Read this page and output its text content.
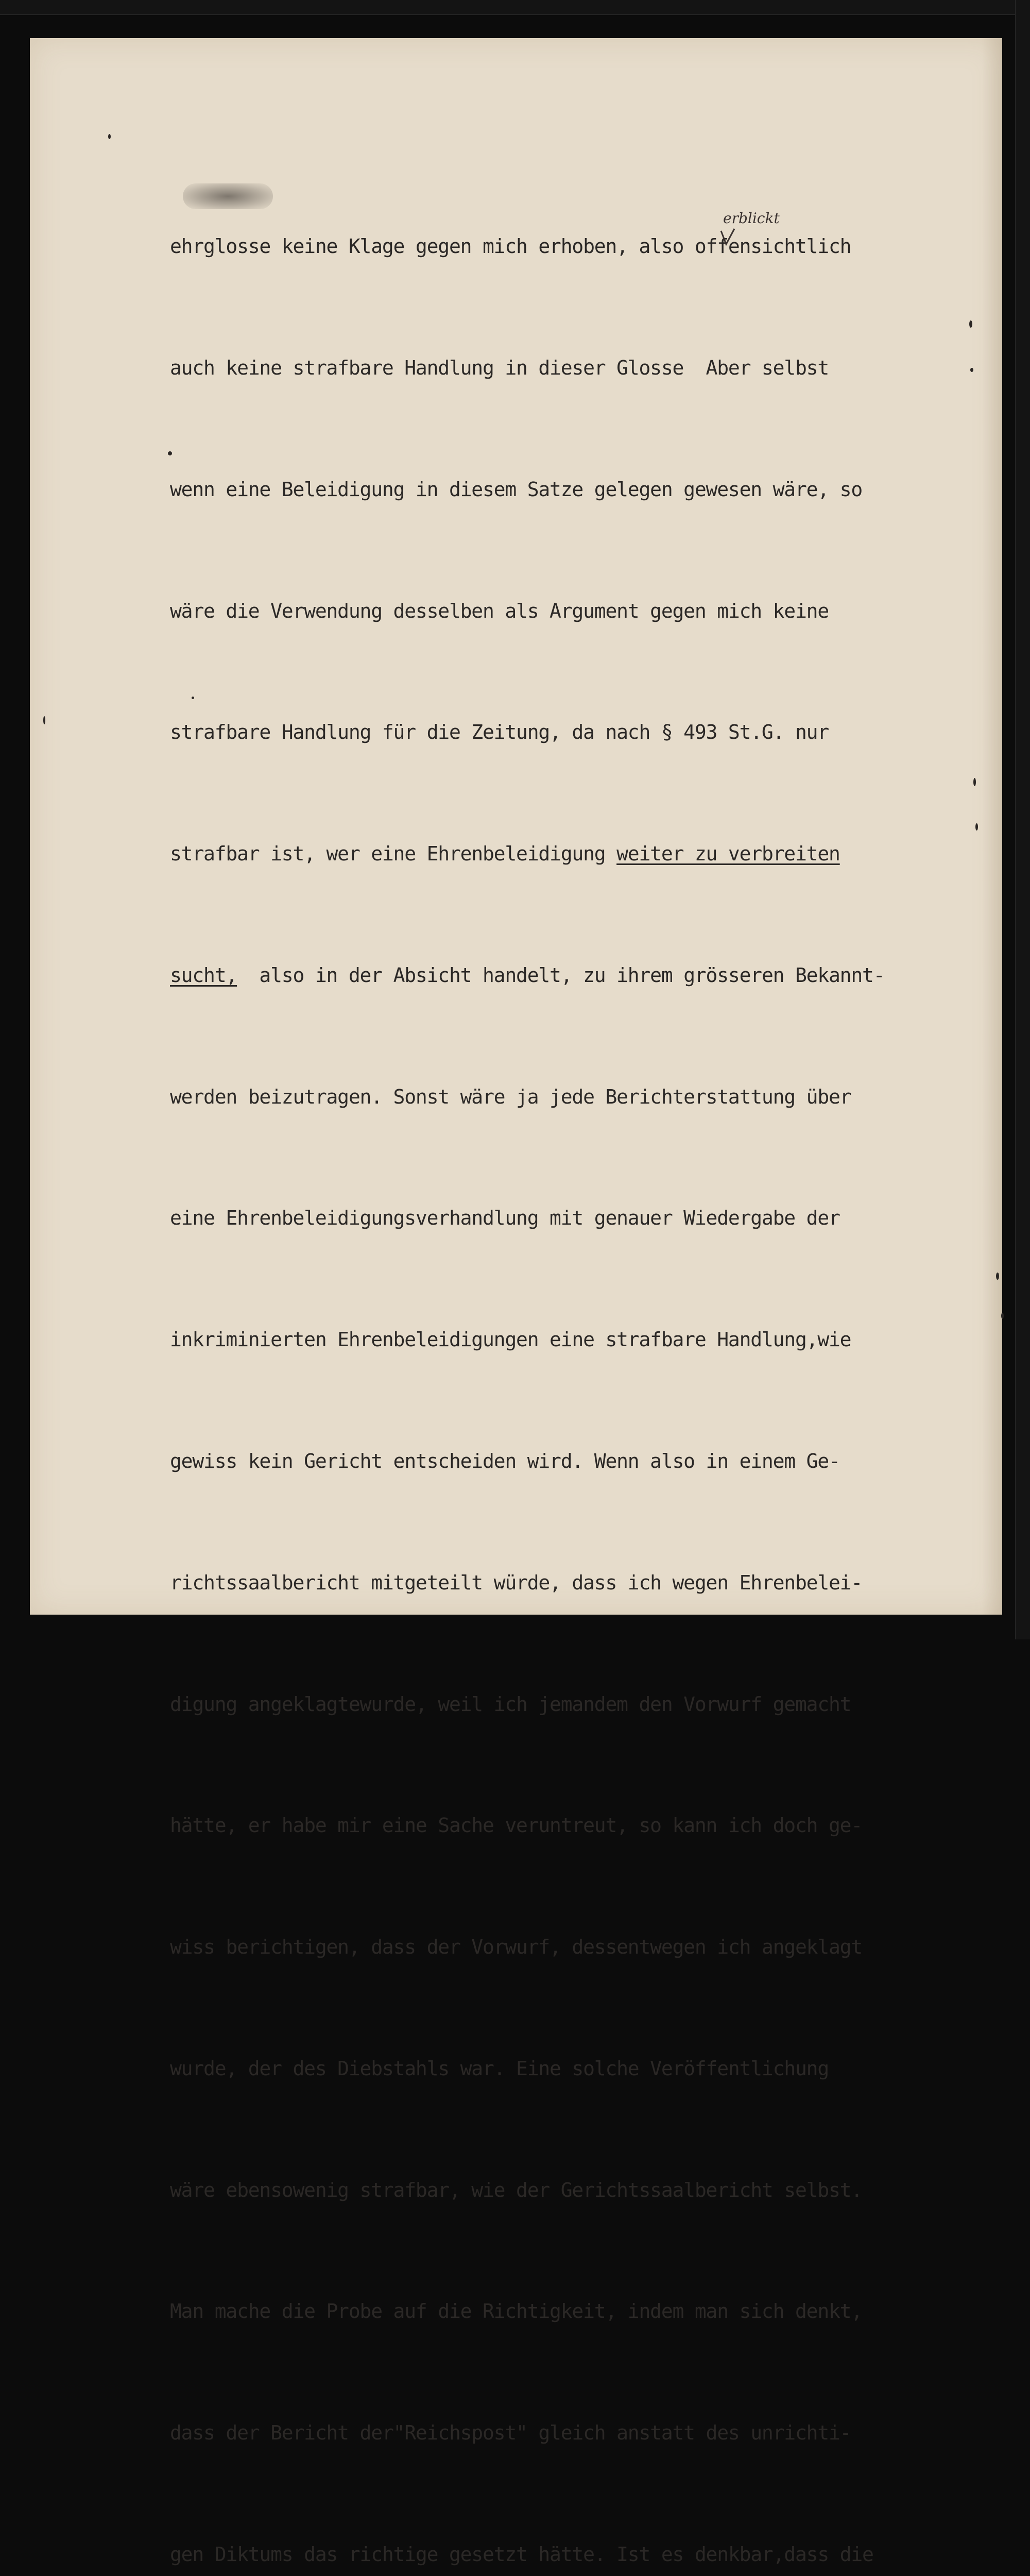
ehrglosse keine Klage gegen mich erhoben, also offensichtlich

auch keine strafbare Handlung in dieser Glosse  Aber selbst

wenn eine Beleidigung in diesem Satze gelegen gewesen wäre, so

wäre die Verwendung desselben als Argument gegen mich keine

strafbare Handlung für die Zeitung, da nach § 493 St.G. nur

strafbar ist, wer eine Ehrenbeleidigung weiter zu verbreiten

sucht,  also in der Absicht handelt, zu ihrem grösseren Bekannt-

werden beizutragen. Sonst wäre ja jede Berichterstattung über

eine Ehrenbeleidigungsverhandlung mit genauer Wiedergabe der

inkriminierten Ehrenbeleidigungen eine strafbare Handlung,wie

gewiss kein Gericht entscheiden wird. Wenn also in einem Ge-

richtssaalbericht mitgeteilt würde, dass ich wegen Ehrenbelei-

digung angeklagtewurde, weil ich jemandem den Vorwurf gemacht

hätte, er habe mir eine Sache veruntreut, so kann ich doch ge-

wiss berichtigen, dass der Vorwurf, dessentwegen ich angeklagt

wurde, der des Diebstahls war. Eine solche Veröffentlichung

wäre ebensowenig strafbar, wie der Gerichtssaalbericht selbst.

Man mache die Probe auf die Richtigkeit, indem man sich denkt,

dass der Bericht der"Reichspost" gleich anstatt des unrichti-

gen Diktums das richtige gesetzt hätte. Ist es denkbar,dass die

erblickt
